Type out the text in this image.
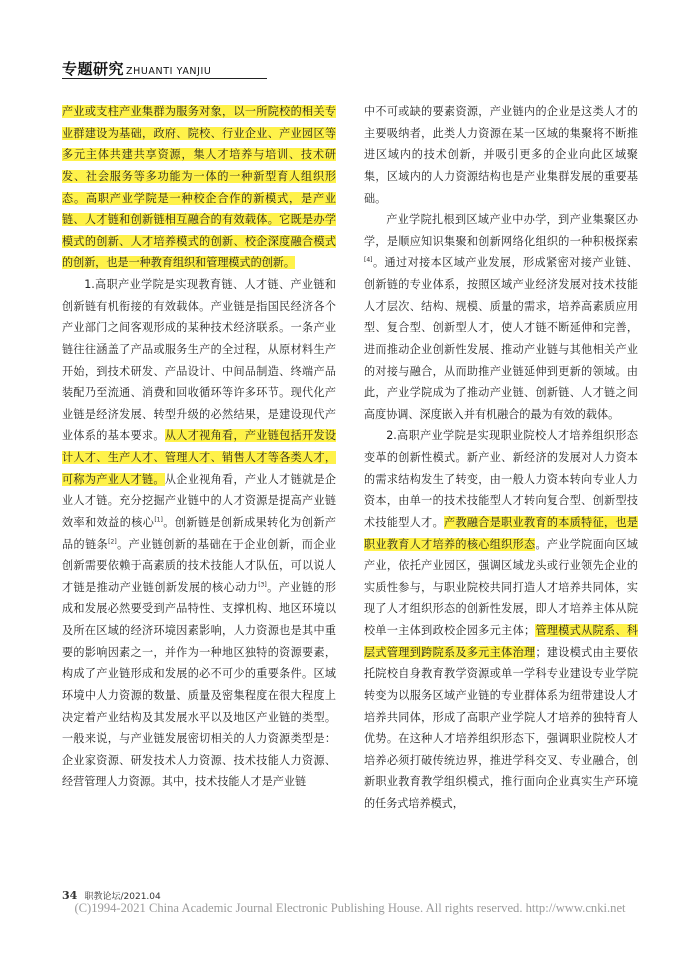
专题研究 ZHUANTI YANJIU

产业或支柱产业集群为服务对象，以一所院校的相关专业群建设为基础，政府、院校、行业企业、产业园区等多元主体共建共享资源，集人才培养与培训、技术研发、社会服务等多功能为一体的一种新型育人组织形态。高职产业学院是一种校企合作的新模式，是产业链、人才链和创新链相互融合的有效载体。它既是办学模式的创新、人才培养模式的创新、校企深度融合模式的创新，也是一种教育组织和管理模式的创新。

1.高职产业学院是实现教育链、人才链、产业链和创新链有机衔接的有效载体。产业链是指国民经济各个产业部门之间客观形成的某种技术经济联系。一条产业链往往涵盖了产品或服务生产的全过程，从原材料生产开始，到技术研发、产品设计、中间品制造、终端产品装配乃至流通、消费和回收循环等许多环节。现代化产业链是经济发展、转型升级的必然结果，是建设现代产业体系的基本要求。从人才视角看，产业链包括开发设计人才、生产人才、管理人才、销售人才等各类人才，可称为产业人才链。从企业视角看，产业人才链就是企业人才链。充分挖掘产业链中的人才资源是提高产业链效率和效益的核心[1]。创新链是创新成果转化为创新产品的链条[2]。产业链创新的基础在于企业创新，而企业创新需要依赖于高素质的技术技能人才队伍，可以说人才链是推动产业链创新发展的核心动力[3]。产业链的形成和发展必然要受到产品特性、支撑机构、地区环境以及所在区域的经济环境因素影响，人力资源也是其中重要的影响因素之一，并作为一种地区独特的资源要素，构成了产业链形成和发展的必不可少的重要条件。区域环境中人力资源的数量、质量及密集程度在很大程度上决定着产业结构及其发展水平以及地区产业链的类型。一般来说，与产业链发展密切相关的人力资源类型是：企业家资源、研发技术人力资源、技术技能人力资源、经营管理人力资源。其中，技术技能人才是产业链

中不可或缺的要素资源，产业链内的企业是这类人才的主要吸纳者，此类人力资源在某一区域的集聚将不断推进区域内的技术创新，并吸引更多的企业向此区域聚集，区域内的人力资源结构也是产业集群发展的重要基础。

产业学院扎根到区域产业中办学，到产业集聚区办学，是顺应知识集聚和创新网络化组织的一种积极探索[4]。通过对接本区域产业发展，形成紧密对接产业链、创新链的专业体系，按照区域产业经济发展对技术技能人才层次、结构、规模、质量的需求，培养高素质应用型、复合型、创新型人才，使人才链不断延伸和完善，进而推动企业创新性发展、推动产业链与其他相关产业的对接与融合，从而助推产业链延伸到更新的领域。由此，产业学院成为了推动产业链、创新链、人才链之间高度协调、深度嵌入并有机融合的最为有效的载体。

2.高职产业学院是实现职业院校人才培养组织形态变革的创新性模式。新产业、新经济的发展对人力资本的需求结构发生了转变，由一般人力资本转向专业人力资本，由单一的技术技能型人才转向复合型、创新型技术技能型人才。产教融合是职业教育的本质特征，也是职业教育人才培养的核心组织形态。产业学院面向区域产业，依托产业园区，强调区域龙头或行业领先企业的实质性参与，与职业院校共同打造人才培养共同体，实现了人才组织形态的创新性发展，即人才培养主体从院校单一主体到政校企园多元主体；管理模式从院系、科层式管理到跨院系及多元主体治理；建设模式由主要依托院校自身教育教学资源或单一学科专业建设专业学院转变为以服务区域产业链的专业群体系为纽带建设人才培养共同体，形成了高职产业学院人才培养的独特育人优势。在这种人才培养组织形态下，强调职业院校人才培养必须打破传统边界，推进学科交叉、专业融合，创新职业教育教学组织模式，推行面向企业真实生产环境的任务式培养模式，

34 职教论坛/2021.04
(C)1994-2021 China Academic Journal Electronic Publishing House. All rights reserved. http://www.cnki.net
